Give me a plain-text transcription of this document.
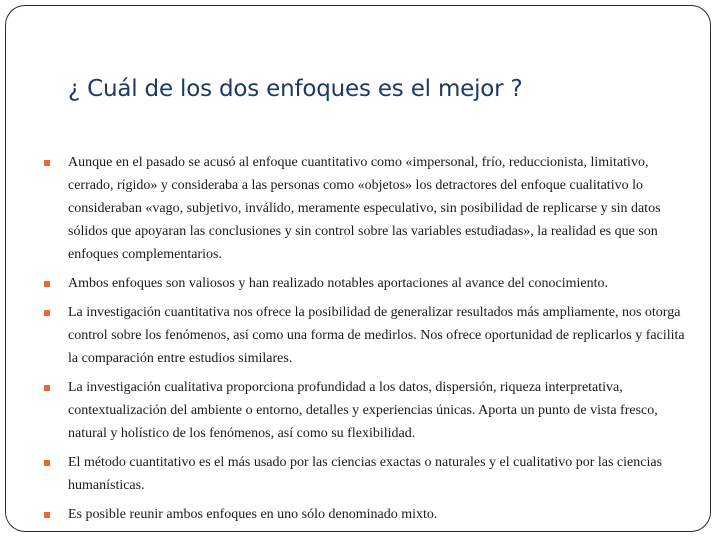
¿ Cuál de los dos enfoques es el mejor ?
Aunque en el pasado se acusó al enfoque cuantitativo como «impersonal, frío, reduccionista, limitativo, cerrado, rígido» y consideraba a las personas como «objetos» los detractores del enfoque cualitativo lo consideraban «vago, subjetivo, inválido, meramente especulativo, sin posibilidad de replicarse y sin datos sólidos que apoyaran las conclusiones y sin control sobre las variables estudiadas», la realidad es que son enfoques complementarios.
Ambos enfoques son valiosos y han realizado notables aportaciones al avance del conocimiento.
La investigación cuantitativa nos ofrece la posibilidad de generalizar resultados más ampliamente, nos otorga control sobre los fenómenos, así como una forma de medirlos. Nos ofrece oportunidad de replicarlos y facilita la comparación entre estudios similares.
La investigación cualitativa proporciona profundidad a los datos, dispersión, riqueza interpretativa, contextualización del ambiente o entorno, detalles y experiencias únicas. Aporta un punto de vista fresco, natural y holístico de los fenómenos, así como su flexibilidad.
El método cuantitativo es el más usado por las ciencias exactas o naturales y el cualitativo por las ciencias humanísticas.
Es posible reunir ambos enfoques en uno sólo denominado mixto.
